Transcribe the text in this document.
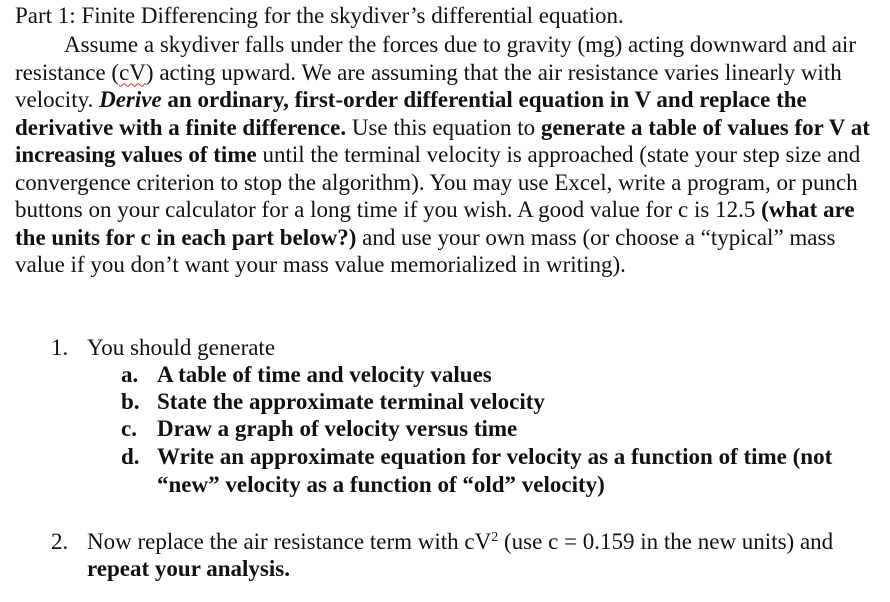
Part 1: Finite Differencing for the skydiver’s differential equation.
Assume a skydiver falls under the forces due to gravity (mg) acting downward and air resistance (cV) acting upward. We are assuming that the air resistance varies linearly with velocity. Derive an ordinary, first-order differential equation in V and replace the derivative with a finite difference. Use this equation to generate a table of values for V at increasing values of time until the terminal velocity is approached (state your step size and convergence criterion to stop the algorithm). You may use Excel, write a program, or punch buttons on your calculator for a long time if you wish. A good value for c is 12.5 (what are the units for c in each part below?) and use your own mass (or choose a “typical” mass value if you don’t want your mass value memorialized in writing).
1. You should generate
a. A table of time and velocity values
b. State the approximate terminal velocity
c. Draw a graph of velocity versus time
d. Write an approximate equation for velocity as a function of time (not
“new” velocity as a function of “old” velocity)
2. Now replace the air resistance term with $cV^2$ (use c = 0.159 in the new units) and
repeat your analysis.
